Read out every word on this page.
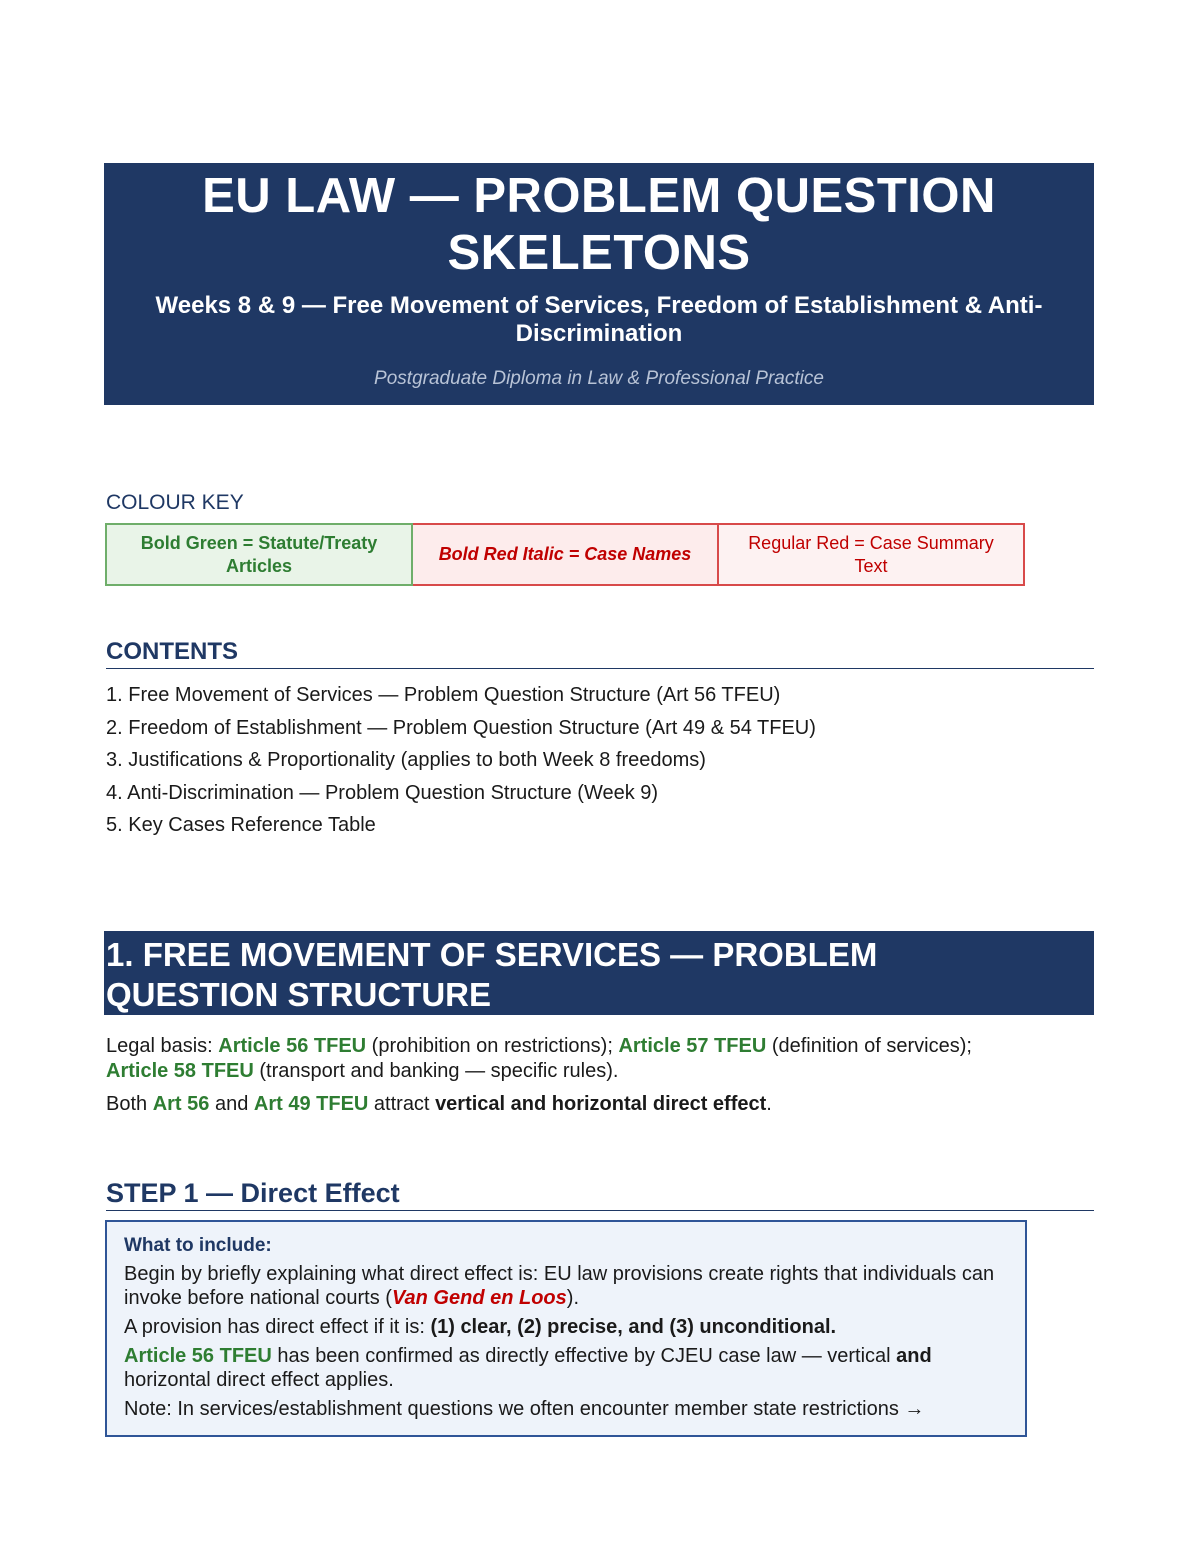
EU LAW — PROBLEM QUESTION
SKELETONS
Weeks 8 & 9 — Free Movement of Services, Freedom of Establishment & Anti-Discrimination
Postgraduate Diploma in Law & Professional Practice
COLOUR KEY
Bold Green = Statute/Treaty Articles
Bold Red Italic = Case Names
Regular Red = Case Summary Text
CONTENTS
1. Free Movement of Services — Problem Question Structure (Art 56 TFEU)
2. Freedom of Establishment — Problem Question Structure (Art 49 & 54 TFEU)
3. Justifications & Proportionality (applies to both Week 8 freedoms)
4. Anti-Discrimination — Problem Question Structure (Week 9)
5. Key Cases Reference Table
1. FREE MOVEMENT OF SERVICES — PROBLEM
QUESTION STRUCTURE
Legal basis: Article 56 TFEU (prohibition on restrictions); Article 57 TFEU (definition of services);
Article 58 TFEU (transport and banking — specific rules).
Both Art 56 and Art 49 TFEU attract vertical and horizontal direct effect.
STEP 1 — Direct Effect
What to include:

Begin by briefly explaining what direct effect is: EU law provisions create rights that individuals can invoke before national courts (Van Gend en Loos).

A provision has direct effect if it is: (1) clear, (2) precise, and (3) unconditional.

Article 56 TFEU has been confirmed as directly effective by CJEU case law — vertical and horizontal direct effect applies.

Note: In services/establishment questions we often encounter member state restrictions →
